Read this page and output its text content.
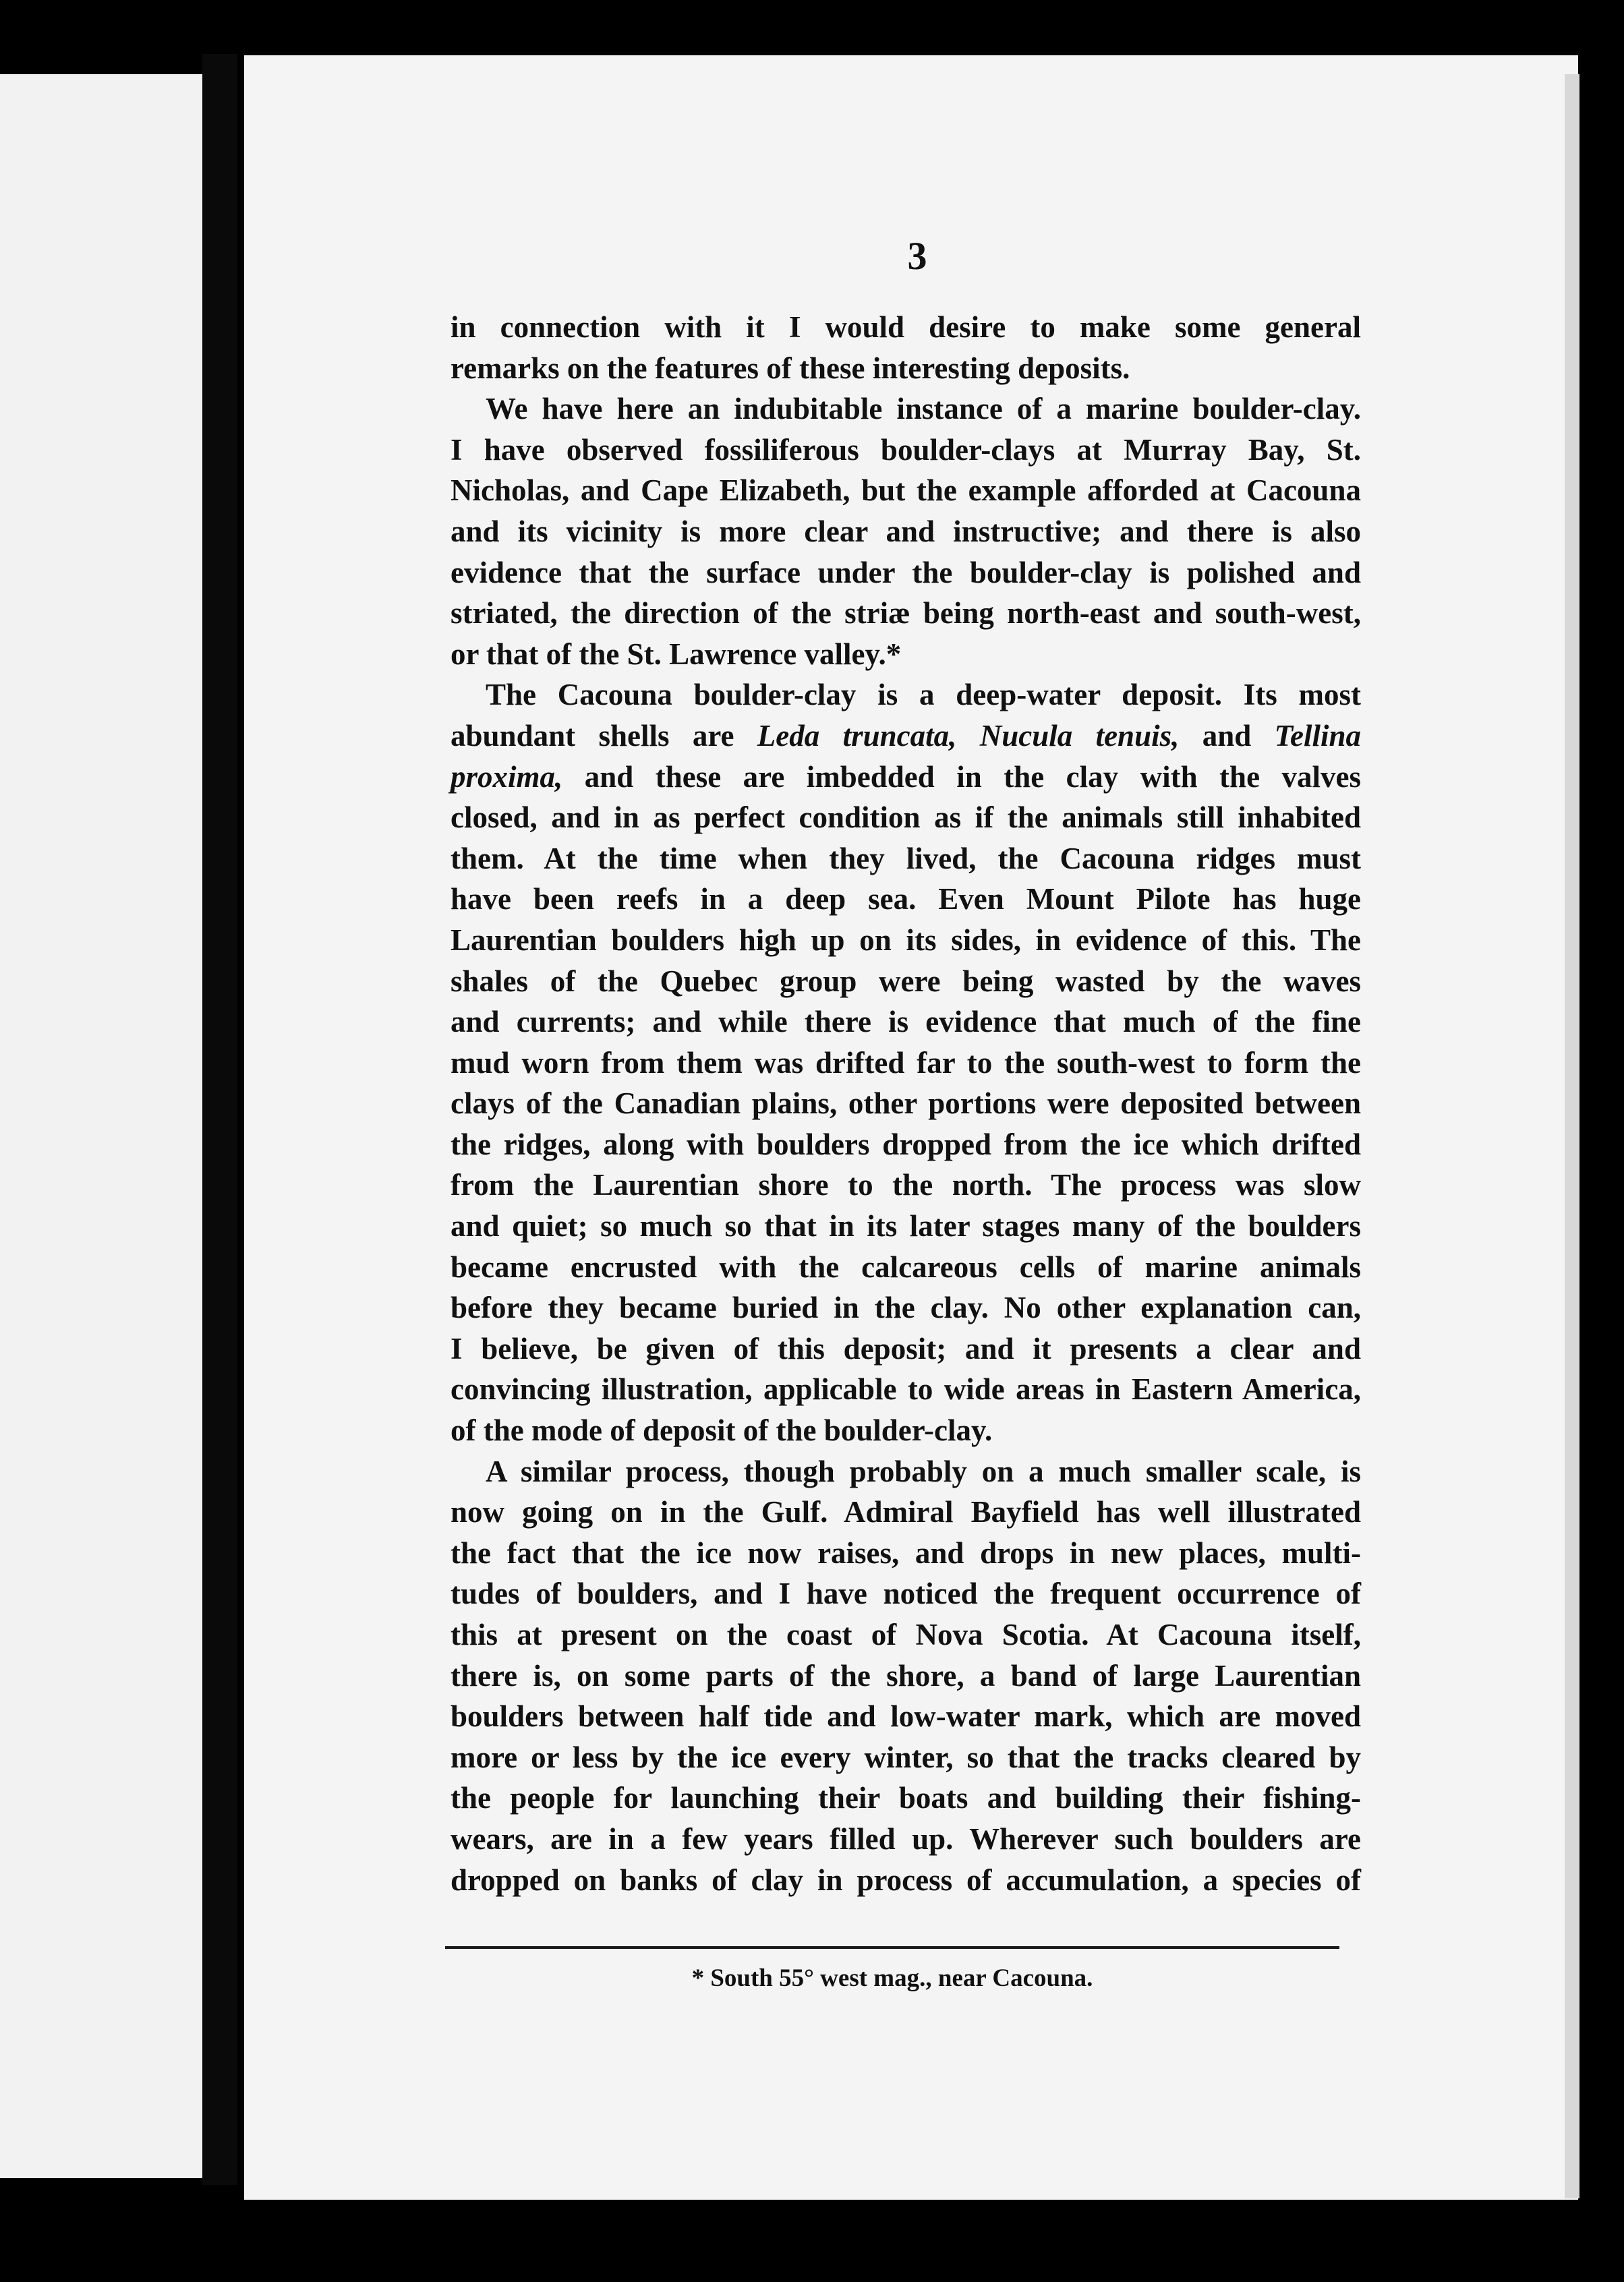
3
in connection with it I would desire to make some general
remarks on the features of these interesting deposits.
We have here an indubitable instance of a marine boulder-clay.
I have observed fossiliferous boulder-clays at Murray Bay, St.
Nicholas, and Cape Elizabeth, but the example afforded at Cacouna
and its vicinity is more clear and instructive; and there is also
evidence that the surface under the boulder-clay is polished and
striated, the direction of the striæ being north-east and south-west,
or that of the St. Lawrence valley.*
The Cacouna boulder-clay is a deep-water deposit. Its most
abundant shells are Leda truncata, Nucula tenuis, and Tellina
proxima, and these are imbedded in the clay with the valves
closed, and in as perfect condition as if the animals still inhabited
them. At the time when they lived, the Cacouna ridges must
have been reefs in a deep sea. Even Mount Pilote has huge
Laurentian boulders high up on its sides, in evidence of this. The
shales of the Quebec group were being wasted by the waves
and currents; and while there is evidence that much of the fine
mud worn from them was drifted far to the south-west to form the
clays of the Canadian plains, other portions were deposited between
the ridges, along with boulders dropped from the ice which drifted
from the Laurentian shore to the north. The process was slow
and quiet; so much so that in its later stages many of the boulders
became encrusted with the calcareous cells of marine animals
before they became buried in the clay. No other explanation can,
I believe, be given of this deposit; and it presents a clear and
convincing illustration, applicable to wide areas in Eastern America,
of the mode of deposit of the boulder-clay.
A similar process, though probably on a much smaller scale, is
now going on in the Gulf. Admiral Bayfield has well illustrated
the fact that the ice now raises, and drops in new places, multi-
tudes of boulders, and I have noticed the frequent occurrence of
this at present on the coast of Nova Scotia. At Cacouna itself,
there is, on some parts of the shore, a band of large Laurentian
boulders between half tide and low-water mark, which are moved
more or less by the ice every winter, so that the tracks cleared by
the people for launching their boats and building their fishing-
wears, are in a few years filled up. Wherever such boulders are
dropped on banks of clay in process of accumulation, a species of
* South 55° west mag., near Cacouna.
